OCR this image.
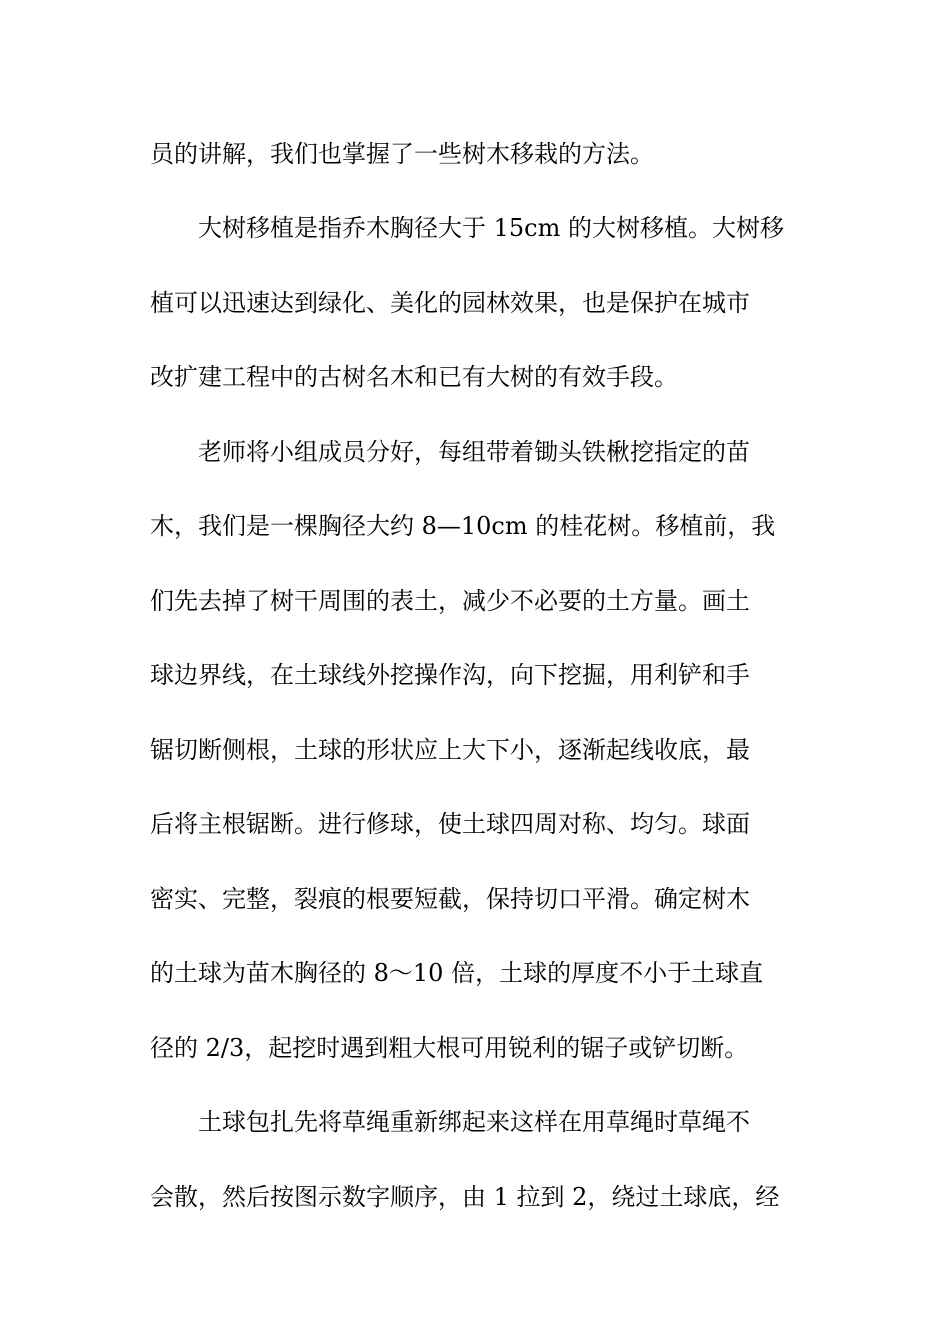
员的讲解，我们也掌握了一些树木移栽的方法。
　　大树移植是指乔木胸径大于 15cm 的大树移植。大树移
植可以迅速达到绿化、美化的园林效果，也是保护在城市
改扩建工程中的古树名木和已有大树的有效手段。
　　老师将小组成员分好，每组带着锄头铁楸挖指定的苗
木，我们是一棵胸径大约 8—10cm 的桂花树。移植前，我
们先去掉了树干周围的表土，减少不必要的土方量。画土
球边界线，在土球线外挖操作沟，向下挖掘，用利铲和手
锯切断侧根，土球的形状应上大下小，逐渐起线收底，最
后将主根锯断。进行修球，使土球四周对称、均匀。球面
密实、完整，裂痕的根要短截，保持切口平滑。确定树木
的土球为苗木胸径的 8～10 倍，土球的厚度不小于土球直
径的 2/3，起挖时遇到粗大根可用锐利的锯子或铲切断。
　　土球包扎先将草绳重新绑起来这样在用草绳时草绳不
会散，然后按图示数字顺序，由 1 拉到 2，绕过土球底，经
